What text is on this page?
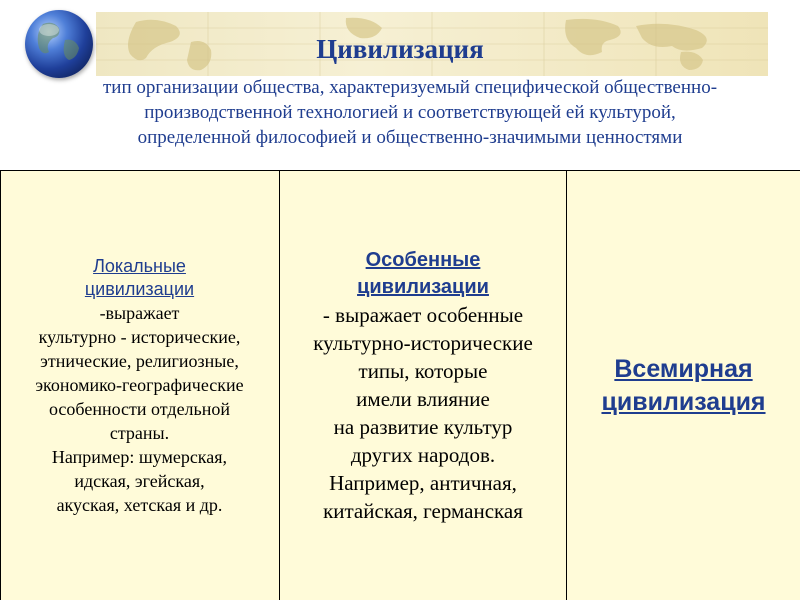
Цивилизация
тип организации общества, характеризуемый специфической общественно-
производственной технологией и соответствующей ей культурой,
определенной философией и общественно-значимыми ценностями
Локальные
цивилизации
-выражает
культурно - исторические,
этнические, религиозные,
экономико-географические
особенности отдельной
страны.
Например: шумерская,
идская, эгейская,
акуская, хетская и др.
Особенные
цивилизации
- выражает особенные
культурно-исторические
типы, которые
имели влияние
на развитие культур
других народов.
Например, античная,
китайская, германская
Всемирная
цивилизация
